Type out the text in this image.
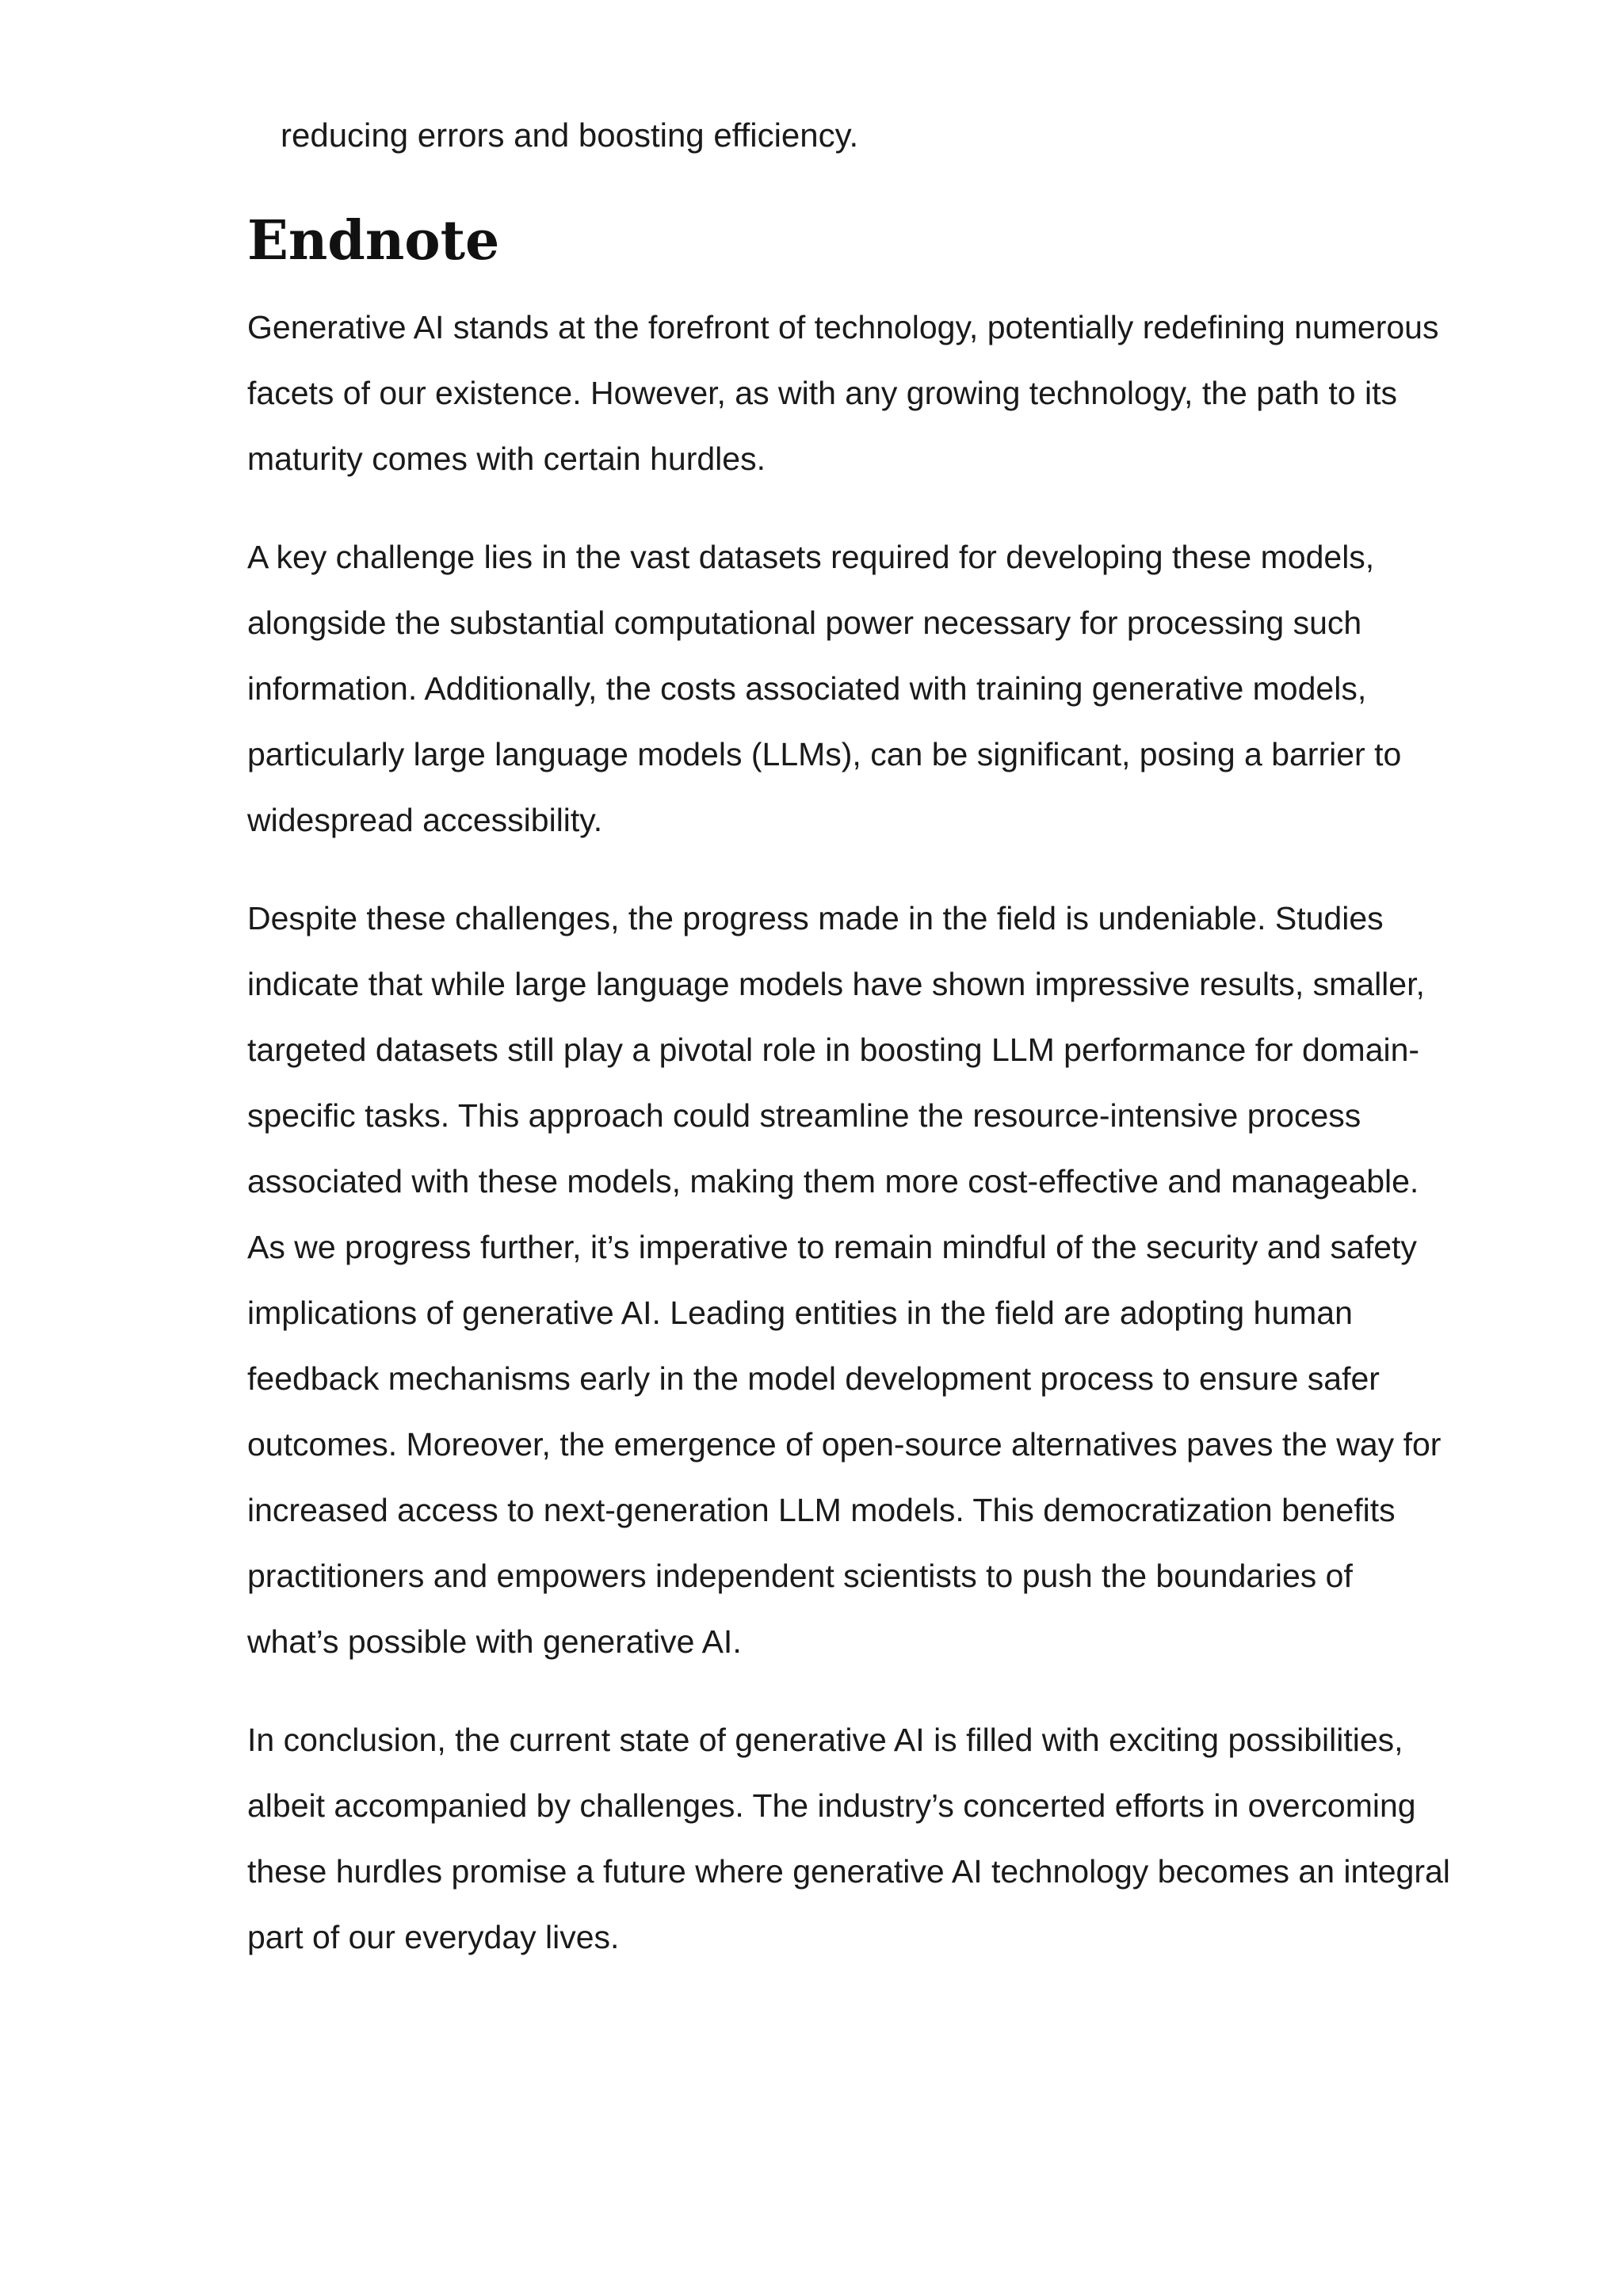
reducing errors and boosting efficiency.

Endnote

Generative AI stands at the forefront of technology, potentially redefining numerous facets of our existence. However, as with any growing technology, the path to its maturity comes with certain hurdles.

A key challenge lies in the vast datasets required for developing these models, alongside the substantial computational power necessary for processing such information. Additionally, the costs associated with training generative models, particularly large language models (LLMs), can be significant, posing a barrier to widespread accessibility.

Despite these challenges, the progress made in the field is undeniable. Studies indicate that while large language models have shown impressive results, smaller, targeted datasets still play a pivotal role in boosting LLM performance for domain-specific tasks. This approach could streamline the resource-intensive process associated with these models, making them more cost-effective and manageable.

As we progress further, it’s imperative to remain mindful of the security and safety implications of generative AI. Leading entities in the field are adopting human feedback mechanisms early in the model development process to ensure safer outcomes. Moreover, the emergence of open-source alternatives paves the way for increased access to next-generation LLM models. This democratization benefits practitioners and empowers independent scientists to push the boundaries of what’s possible with generative AI.

In conclusion, the current state of generative AI is filled with exciting possibilities, albeit accompanied by challenges. The industry’s concerted efforts in overcoming these hurdles promise a future where generative AI technology becomes an integral part of our everyday lives.
